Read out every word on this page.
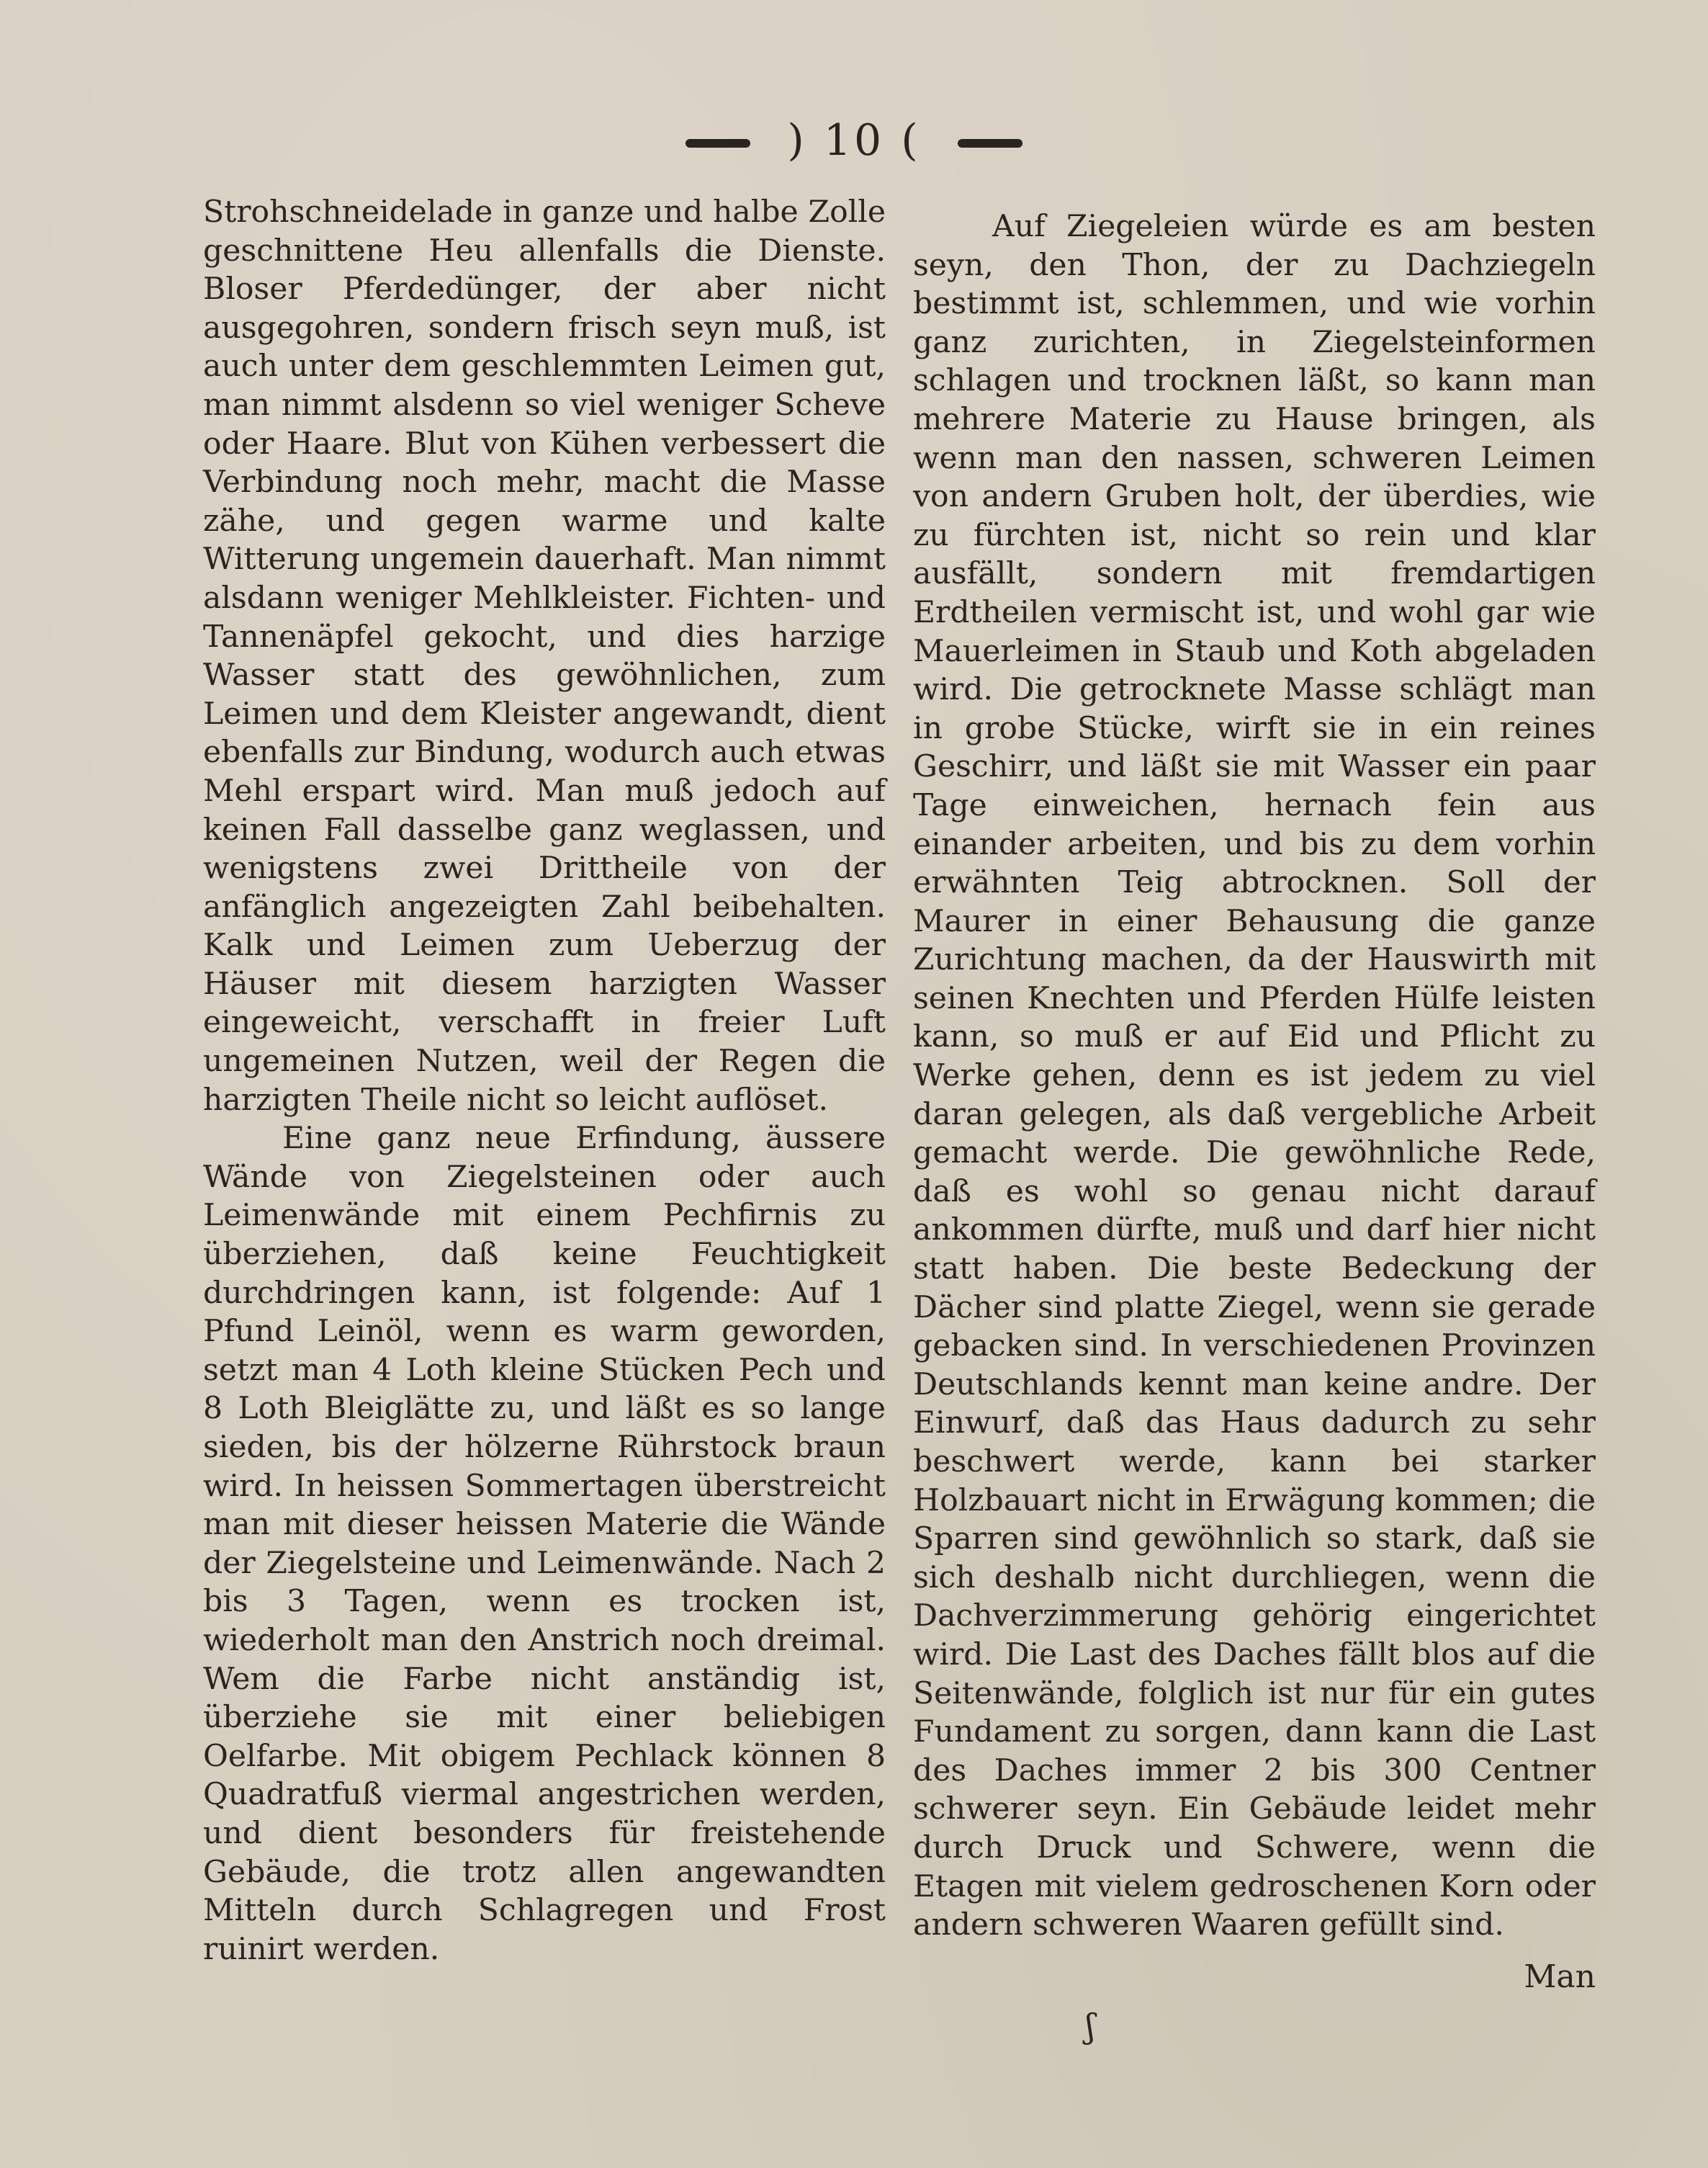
) 10 (

Strohschneidelade in ganze und halbe Zolle geschnittene Heu allenfalls die Dienste. Bloser Pferdedünger, der aber nicht ausgegohren, sondern frisch seyn muß, ist auch unter dem geschlemmten Leimen gut, man nimmt alsdenn so viel weniger Scheve oder Haare. Blut von Kühen verbessert die Verbindung noch mehr, macht die Masse zähe, und gegen warme und kalte Witterung ungemein dauerhaft. Man nimmt alsdann weniger Mehlkleister. Fichten- und Tannenäpfel gekocht, und dies harzige Wasser statt des gewöhnlichen, zum Leimen und dem Kleister angewandt, dient ebenfalls zur Bindung, wodurch auch etwas Mehl erspart wird. Man muß jedoch auf keinen Fall dasselbe ganz weglassen, und wenigstens zwei Drittheile von der anfänglich angezeigten Zahl beibehalten. Kalk und Leimen zum Ueberzug der Häuser mit diesem harzigten Wasser eingeweicht, verschafft in freier Luft ungemeinen Nutzen, weil der Regen die harzigten Theile nicht so leicht auflöset.

Eine ganz neue Erfindung, äussere Wände von Ziegelsteinen oder auch Leimenwände mit einem Pechfirnis zu überziehen, daß keine Feuchtigkeit durchdringen kann, ist folgende: Auf 1 Pfund Leinöl, wenn es warm geworden, setzt man 4 Loth kleine Stücken Pech und 8 Loth Bleiglätte zu, und läßt es so lange sieden, bis der hölzerne Rührstock braun wird. In heissen Sommertagen überstreicht man mit dieser heissen Materie die Wände der Ziegelsteine und Leimenwände. Nach 2 bis 3 Tagen, wenn es trocken ist, wiederholt man den Anstrich noch dreimal. Wem die Farbe nicht anständig ist, überziehe sie mit einer beliebigen Oelfarbe. Mit obigem Pechlack können 8 Quadratfuß viermal angestrichen werden, und dient besonders für freistehende Gebäude, die trotz allen angewandten Mitteln durch Schlagregen und Frost ruinirt werden.

Auf Ziegeleien würde es am besten seyn, den Thon, der zu Dachziegeln bestimmt ist, schlemmen, und wie vorhin ganz zurichten, in Ziegelsteinformen schlagen und trocknen läßt, so kann man mehrere Materie zu Hause bringen, als wenn man den nassen, schweren Leimen von andern Gruben holt, der überdies, wie zu fürchten ist, nicht so rein und klar ausfällt, sondern mit fremdartigen Erdtheilen vermischt ist, und wohl gar wie Mauerleimen in Staub und Koth abgeladen wird. Die getrocknete Masse schlägt man in grobe Stücke, wirft sie in ein reines Geschirr, und läßt sie mit Wasser ein paar Tage einweichen, hernach fein aus einander arbeiten, und bis zu dem vorhin erwähnten Teig abtrocknen. Soll der Maurer in einer Behausung die ganze Zurichtung machen, da der Hauswirth mit seinen Knechten und Pferden Hülfe leisten kann, so muß er auf Eid und Pflicht zu Werke gehen, denn es ist jedem zu viel daran gelegen, als daß vergebliche Arbeit gemacht werde. Die gewöhnliche Rede, daß es wohl so genau nicht darauf ankommen dürfte, muß und darf hier nicht statt haben. Die beste Bedeckung der Dächer sind platte Ziegel, wenn sie gerade gebacken sind. In verschiedenen Provinzen Deutschlands kennt man keine andre. Der Einwurf, daß das Haus dadurch zu sehr beschwert werde, kann bei starker Holzbauart nicht in Erwägung kommen; die Sparren sind gewöhnlich so stark, daß sie sich deshalb nicht durchliegen, wenn die Dachverzimmerung gehörig eingerichtet wird. Die Last des Daches fällt blos auf die Seitenwände, folglich ist nur für ein gutes Fundament zu sorgen, dann kann die Last des Daches immer 2 bis 300 Centner schwerer seyn. Ein Gebäude leidet mehr durch Druck und Schwere, wenn die Etagen mit vielem gedroschenen Korn oder andern schweren Waaren gefüllt sind.

Man
ʃ
